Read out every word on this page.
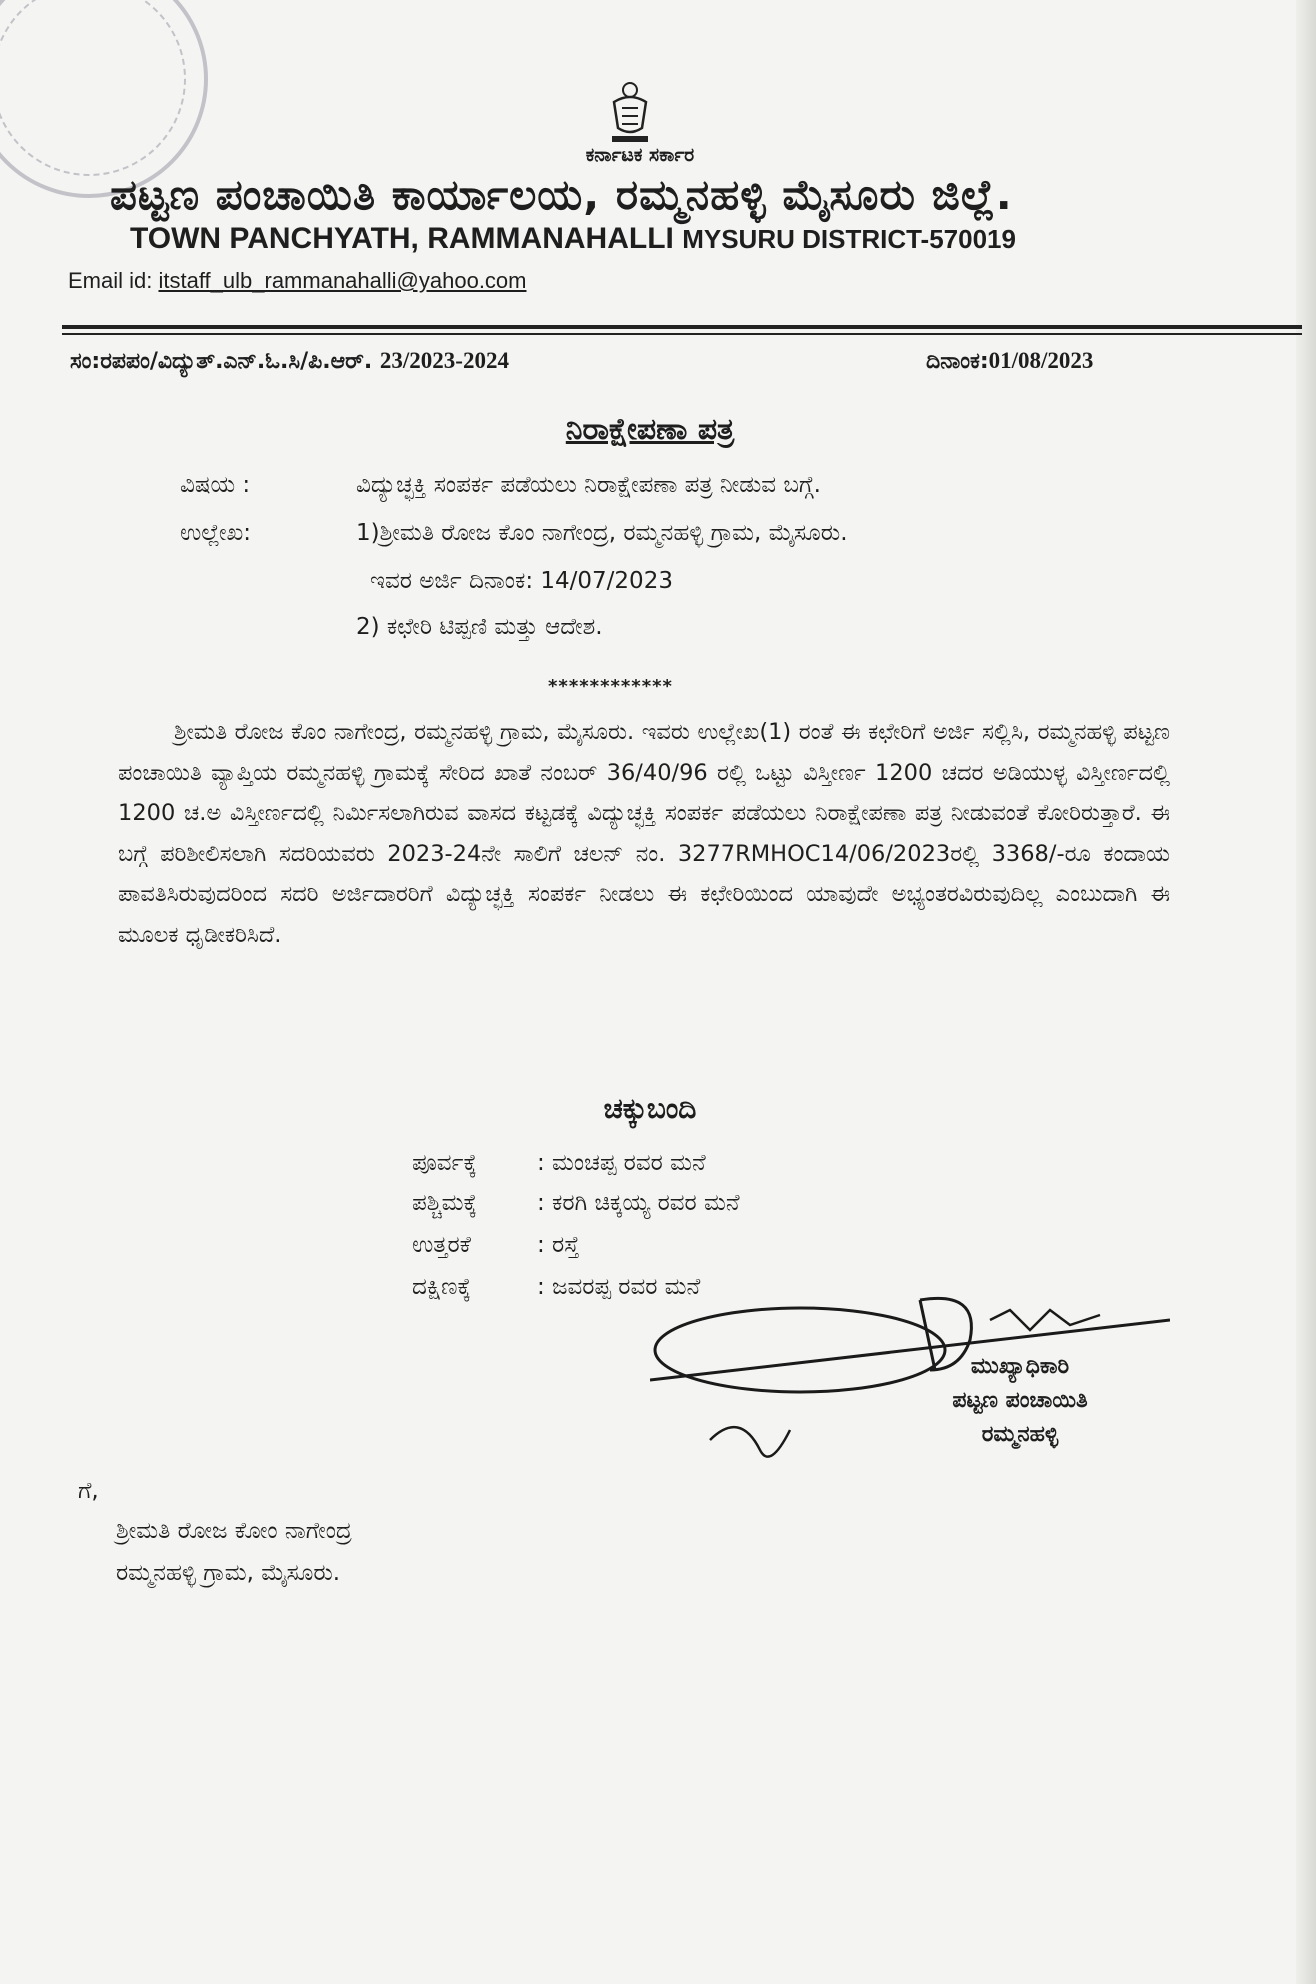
ಕರ್ನಾಟಕ ಸರ್ಕಾರ
ಪಟ್ಟಣ ಪಂಚಾಯಿತಿ ಕಾರ್ಯಾಲಯ, ರಮ್ಮನಹಳ್ಳಿ ಮೈಸೂರು ಜಿಲ್ಲೆ.
TOWN PANCHYATH, RAMMANAHALLI MYSURU DISTRICT-570019
Email id: itstaff_ulb_rammanahalli@yahoo.com
ಸಂ:ರಪಪಂ/ವಿದ್ಯುತ್.ಎನ್.ಓ.ಸಿ/ಪಿ.ಆರ್. 23/2023-2024	ದಿನಾಂಕ:01/08/2023
ನಿರಾಕ್ಷೇಪಣಾ ಪತ್ರ
ವಿಷಯ :	ವಿದ್ಯುಚ್ಛಕ್ತಿ ಸಂಪರ್ಕ ಪಡೆಯಲು ನಿರಾಕ್ಷೇಪಣಾ ಪತ್ರ ನೀಡುವ ಬಗ್ಗೆ.
ಉಲ್ಲೇಖ:	1)ಶ್ರೀಮತಿ ರೋಜ ಕೊಂ ನಾಗೇಂದ್ರ, ರಮ್ಮನಹಳ್ಳಿ ಗ್ರಾಮ, ಮೈಸೂರು.
ಇವರ ಅರ್ಜಿ ದಿನಾಂಕ: 14/07/2023
2) ಕಛೇರಿ ಟಿಪ್ಪಣಿ ಮತ್ತು ಆದೇಶ.
************

ಶ್ರೀಮತಿ ರೋಜ ಕೊಂ ನಾಗೇಂದ್ರ, ರಮ್ಮನಹಳ್ಳಿ ಗ್ರಾಮ, ಮೈಸೂರು. ಇವರು ಉಲ್ಲೇಖ(1) ರಂತೆ ಈ ಕಛೇರಿಗೆ ಅರ್ಜಿ ಸಲ್ಲಿಸಿ, ರಮ್ಮನಹಳ್ಳಿ ಪಟ್ಟಣ ಪಂಚಾಯಿತಿ ವ್ಯಾಪ್ತಿಯ ರಮ್ಮನಹಳ್ಳಿ ಗ್ರಾಮಕ್ಕೆ ಸೇರಿದ ಖಾತೆ ನಂಬರ್ 36/40/96 ರಲ್ಲಿ ಒಟ್ಟು ವಿಸ್ತೀರ್ಣ 1200 ಚದರ ಅಡಿಯುಳ್ಳ ವಿಸ್ತೀರ್ಣದಲ್ಲಿ 1200 ಚ.ಅ ವಿಸ್ತೀರ್ಣದಲ್ಲಿ ನಿರ್ಮಿಸಲಾಗಿರುವ ವಾಸದ ಕಟ್ಟಡಕ್ಕೆ ವಿದ್ಯುಚ್ಛಕ್ತಿ ಸಂಪರ್ಕ ಪಡೆಯಲು ನಿರಾಕ್ಷೇಪಣಾ ಪತ್ರ ನೀಡುವಂತೆ ಕೋರಿರುತ್ತಾರೆ. ಈ ಬಗ್ಗೆ ಪರಿಶೀಲಿಸಲಾಗಿ ಸದರಿಯವರು 2023-24ನೇ ಸಾಲಿಗೆ ಚಲನ್ ನಂ. 3277RMHOC14/06/2023ರಲ್ಲಿ 3368/-ರೂ ಕಂದಾಯ ಪಾವತಿಸಿರುವುದರಿಂದ ಸದರಿ ಅರ್ಜಿದಾರರಿಗೆ ವಿದ್ಯುಚ್ಛಕ್ತಿ ಸಂಪರ್ಕ ನೀಡಲು ಈ ಕಛೇರಿಯಿಂದ ಯಾವುದೇ ಅಭ್ಯಂತರವಿರುವುದಿಲ್ಲ ಎಂಬುದಾಗಿ ಈ ಮೂಲಕ ಧೃಡೀಕರಿಸಿದೆ.

ಚಕ್ಕುಬಂದಿ
ಪೂರ್ವಕ್ಕೆ	: ಮಂಚಪ್ಪ ರವರ ಮನೆ
ಪಶ್ಚಿಮಕ್ಕೆ	: ಕರಗಿ ಚಿಕ್ಕಯ್ಯ ರವರ ಮನೆ
ಉತ್ತರಕೆ	: ರಸ್ತೆ
ದಕ್ಷಿಣಕ್ಕೆ	: ಜವರಪ್ಪ ರವರ ಮನೆ
ಮುಖ್ಯಾಧಿಕಾರಿ
ಪಟ್ಟಣ ಪಂಚಾಯಿತಿ
ರಮ್ಮನಹಳ್ಳಿ
ಗೆ,
ಶ್ರೀಮತಿ ರೋಜ ಕೋಂ ನಾಗೇಂದ್ರ
ರಮ್ಮನಹಳ್ಳಿ ಗ್ರಾಮ, ಮೈಸೂರು.
